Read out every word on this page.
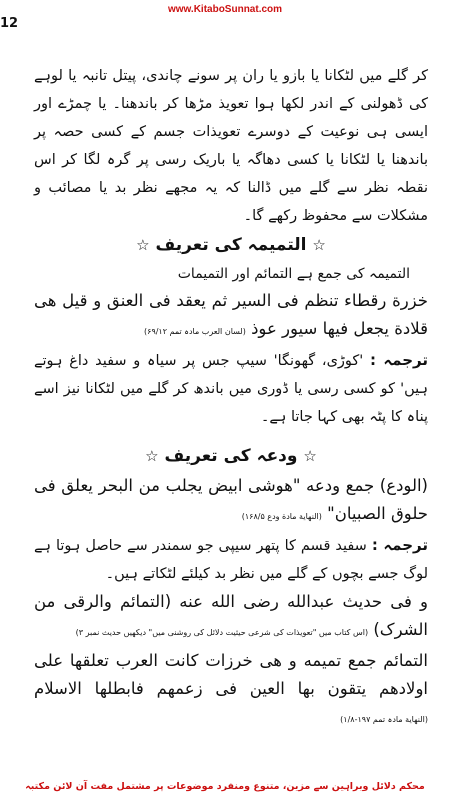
www.KitaboSunnat.com
12

کر گلے میں لٹکانا یا بازو یا ران پر سونے چاندی، پیتل تانبہ یا لوہے کی ڈھولنی کے اندر لکھا ہوا تعویذ مڑھا کر باندھنا۔ یا چمڑے اور ایسی ہی نوعیت کے دوسرے تعویذات جسم کے کسی حصہ پر باندھنا یا لٹکانا یا کسی دھاگہ یا باریک رسی پر گرہ لگا کر اس نقطہ نظر سے گلے میں ڈالنا کہ یہ مجھے نظر بد یا مصائب و مشکلات سے محفوظ رکھے گا۔

☆ التمیمہ کی تعریف ☆

التمیمہ کی جمع ہے التمائم اور التمیمات

خزرة رقطاء تنظم فی السیر ثم یعقد فی العنق و قیل هی قلادة یجعل فیها سیور عوذ (لسان العرب مادہ تمم ۶۹/۱۲)

ترجمہ : 'کوڑی، گھونگا' سیپ جس پر سیاہ و سفید داغ ہوتے ہیں' کو کسی رسی یا ڈوری میں باندھ کر گلے میں لٹکانا نیز اسے پناہ کا پٹہ بھی کہا جاتا ہے۔

☆ ودعہ کی تعریف ☆

(الودع) جمع ودعه "هوشی ابیض یجلب من البحر یعلق فی حلوق الصبیان" (النهایة مادة ودع ۱۶۸/۵)

ترجمہ : سفید قسم کا پتھر سیپی جو سمندر سے حاصل ہوتا ہے لوگ جسے بچوں کے گلے میں نظر بد کیلئے لٹکاتے ہیں۔

و فی حدیث عبدالله رضی الله عنه (التمائم والرقی من الشرک) (اس کتاب میں "تعویذات کی شرعی حیثیت دلائل کی روشنی میں" دیکھیں حدیث نمبر ۳)

التمائم جمع تمیمه و هی خرزات کانت العرب تعلقها علی اولادهم یتقون بها العین فی زعمهم فابطلها الاسلام (النهایة مادہ تمم ۱۹۷-۱/۸)

محکم دلائل وبراہین سے مزین، متنوع ومنفرد موضوعات پر مشتمل مفت آن لائن مکتبہ
